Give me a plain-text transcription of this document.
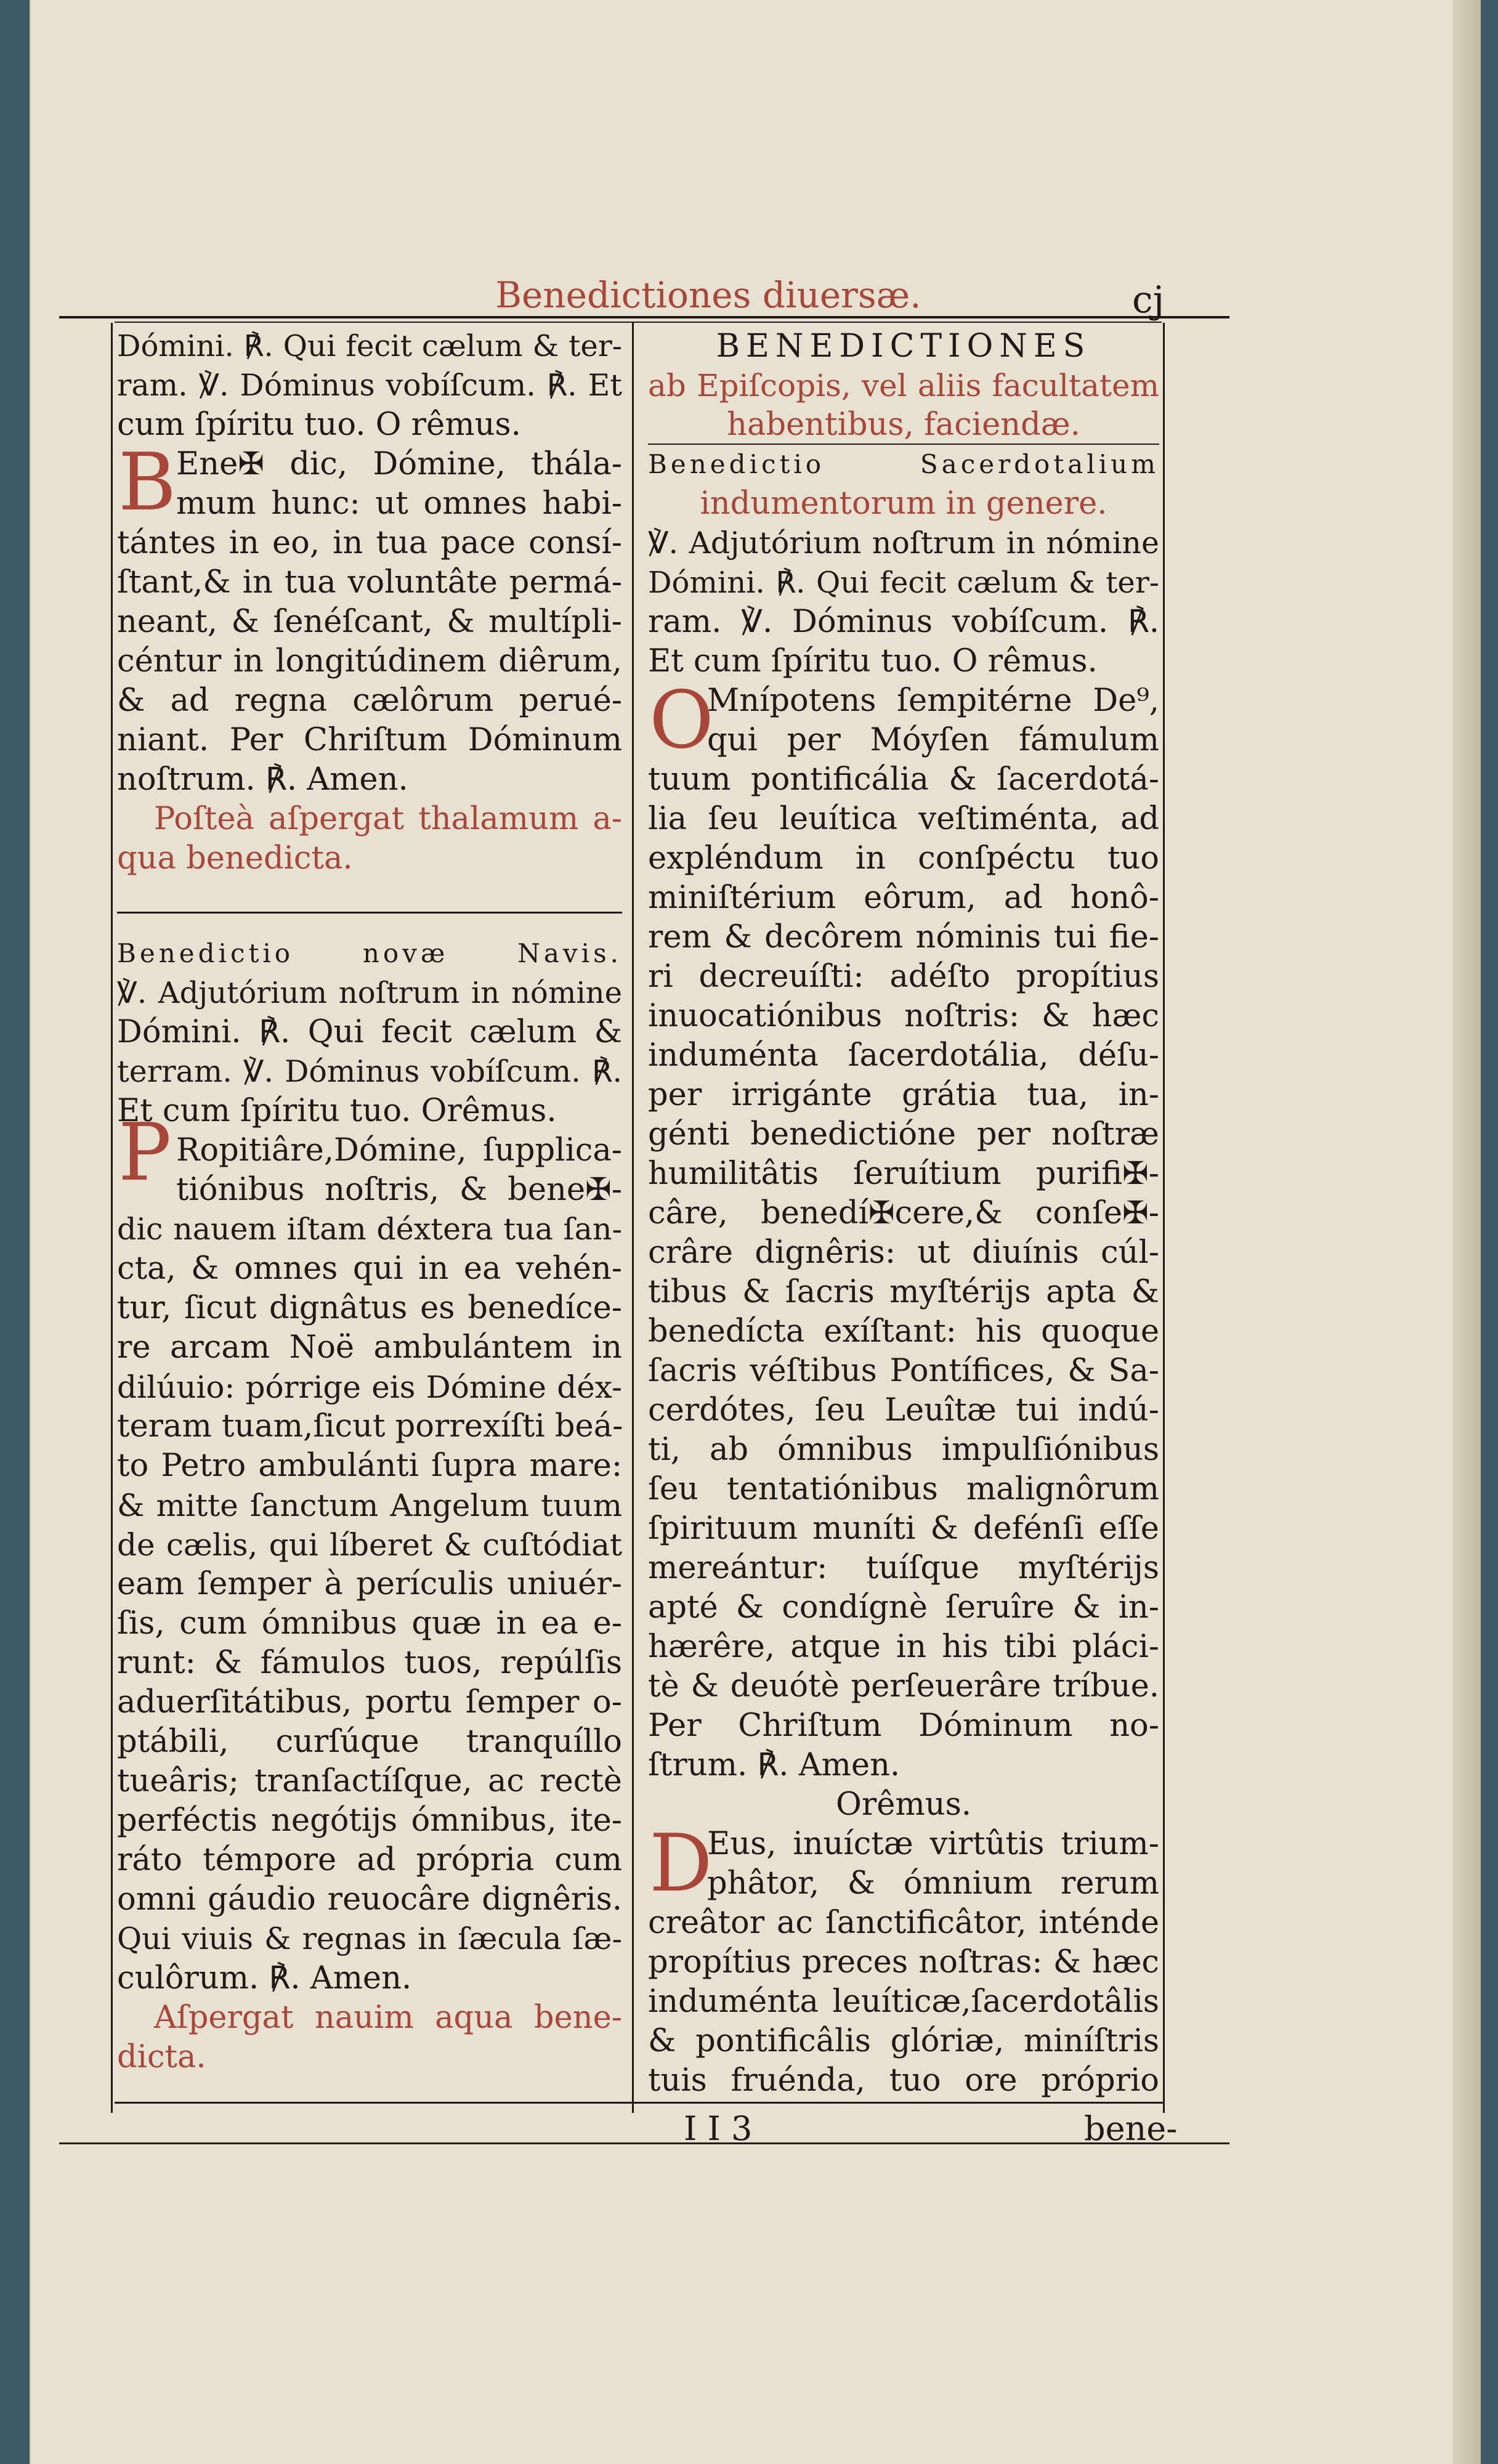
Benedictiones diuersæ.	cj
B
P
Dómini. ℟. Qui fecit cælum & ter-
ram. ℣. Dóminus vobíſcum. ℟. Et
cum ſpíritu tuo. O rêmus.
Ene✠ dic, Dómine, thála-
mum hunc: ut omnes habi-
tántes in eo, in tua pace consí-
ſtant,& in tua voluntâte permá-
neant, & ſenéſcant, & multípli-
céntur in longitúdinem diêrum,
& ad regna cælôrum perué-
niant. Per Chriſtum Dóminum
noſtrum. ℟. Amen.
Poſteà aſpergat thalamum a-
qua benedicta.
Benedictio novæ Navis.
℣. Adjutórium noſtrum in nómine
Dómini. ℟. Qui fecit cælum &
terram. ℣. Dóminus vobíſcum. ℟.
Et cum ſpíritu tuo. Orêmus.
Ropitiâre,Dómine, ſupplica-
tiónibus noſtris, & bene✠-
dic nauem iſtam déxtera tua ſan-
cta, & omnes qui in ea vehén-
tur, ſicut dignâtus es benedíce-
re arcam Noë ambulántem in
dilúuio: pórrige eis Dómine déx-
teram tuam,ſicut porrexíſti beá-
to Petro ambulánti ſupra mare:
& mitte ſanctum Angelum tuum
de cælis, qui líberet & cuſtódiat
eam ſemper à perículis uniuér-
ſis, cum ómnibus quæ in ea e-
runt: & fámulos tuos, repúlſis
aduerſitátibus, portu ſemper o-
ptábili, curſúque tranquíllo
tueâris; tranſactíſque, ac rectè
perféctis negótijs ómnibus, ite-
ráto témpore ad própria cum
omni gáudio reuocâre dignêris.
Qui viuis & regnas in ſæcula ſæ-
culôrum. ℟. Amen.
Aſpergat nauim aqua bene-
dicta.
O
D
BENEDICTIONES
ab Epiſcopis, vel aliis facultatem
habentibus, faciendæ.
Benedictio Sacerdotalium
indumentorum in genere.
℣. Adjutórium noſtrum in nómine
Dómini. ℟. Qui fecit cælum & ter-
ram. ℣. Dóminus vobíſcum. ℟.
Et cum ſpíritu tuo. O rêmus.
Mnípotens ſempitérne De⁹,
qui per Móyſen fámulum
tuum pontificália & ſacerdotá-
lia ſeu leuítica veſtiménta, ad
expléndum in conſpéctu tuo
miniſtérium eôrum, ad honô-
rem & decôrem nóminis tui fie-
ri decreuíſti: adéſto propítius
inuocatiónibus noſtris: & hæc
induménta ſacerdotália, déſu-
per irrigánte grátia tua, in-
génti benedictióne per noſtræ
humilitâtis ſeruítium purifi✠-
câre, benedí✠cere,& conſe✠-
crâre dignêris: ut diuínis cúl-
tibus & ſacris myſtérijs apta &
benedícta exíſtant: his quoque
ſacris véſtibus Pontífices, & Sa-
cerdótes, ſeu Leuîtæ tui indú-
ti, ab ómnibus impulſiónibus
ſeu tentatiónibus malignôrum
ſpirituum muníti & defénſi eſſe
mereántur: tuíſque myſtérijs
apté & condígnè ſeruîre & in-
hærêre, atque in his tibi pláci-
tè & deuótè perſeuerâre tríbue.
Per Chriſtum Dóminum no-
ſtrum. ℟. Amen.
Orêmus.
Eus, inuíctæ virtûtis trium-
phâtor, & ómnium rerum
creâtor ac ſanctificâtor, inténde
propítius preces noſtras: & hæc
induménta leuíticæ,ſacerdotâlis
& pontificâlis glóriæ, miníſtris
tuis fruénda, tuo ore próprio
I I 3	bene-
